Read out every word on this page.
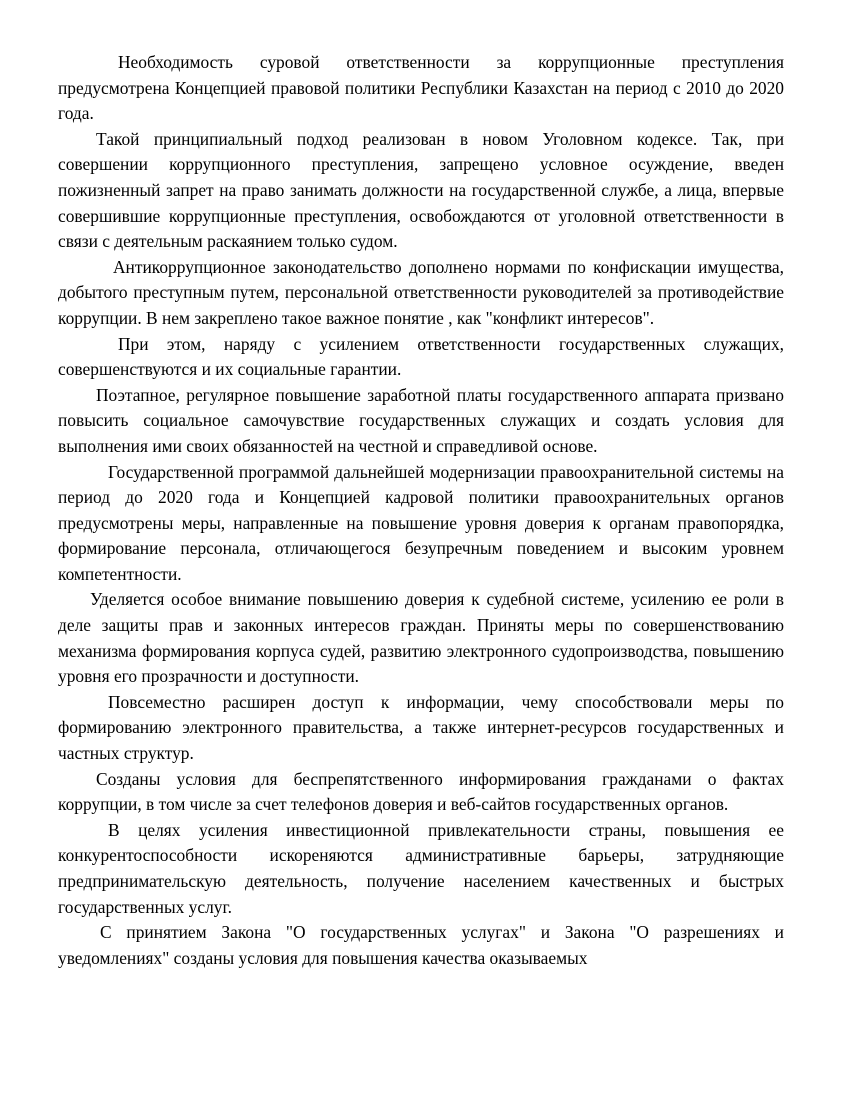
Необходимость суровой ответственности за коррупционные преступления предусмотрена Концепцией правовой политики Республики Казахстан на период с 2010 до 2020 года.

Такой принципиальный подход реализован в новом Уголовном кодексе. Так, при совершении коррупционного преступления, запрещено условное осуждение, введен пожизненный запрет на право занимать должности на государственной службе, а лица, впервые совершившие коррупционные преступления, освобождаются от уголовной ответственности в связи с деятельным раскаянием только судом.

Антикоррупционное законодательство дополнено нормами по конфискации имущества, добытого преступным путем, персональной ответственности руководителей за противодействие коррупции. В нем закреплено такое важное понятие , как "конфликт интересов".

При этом, наряду с усилением ответственности государственных служащих, совершенствуются и их социальные гарантии.

Поэтапное, регулярное повышение заработной платы государственного аппарата призвано повысить социальное самочувствие государственных служащих и создать условия для выполнения ими своих обязанностей на честной и справедливой основе.

Государственной программой дальнейшей модернизации правоохранительной системы на период до 2020 года и Концепцией кадровой политики правоохранительных органов предусмотрены меры, направленные на повышение уровня доверия к органам правопорядка, формирование персонала, отличающегося безупречным поведением и высоким уровнем компетентности.

Уделяется особое внимание повышению доверия к судебной системе, усилению ее роли в деле защиты прав и законных интересов граждан. Приняты меры по совершенствованию механизма формирования корпуса судей, развитию электронного судопроизводства, повышению уровня его прозрачности и доступности.

Повсеместно расширен доступ к информации, чему способствовали меры по формированию электронного правительства, а также интернет-ресурсов государственных и частных структур.

Созданы условия для беспрепятственного информирования гражданами о фактах коррупции, в том числе за счет телефонов доверия и веб-сайтов государственных органов.

В целях усиления инвестиционной привлекательности страны, повышения ее конкурентоспособности искореняются административные барьеры, затрудняющие предпринимательскую деятельность, получение населением качественных и быстрых государственных услуг.

С принятием Закона "О государственных услугах" и Закона "О разрешениях и уведомлениях" созданы условия для повышения качества оказываемых
